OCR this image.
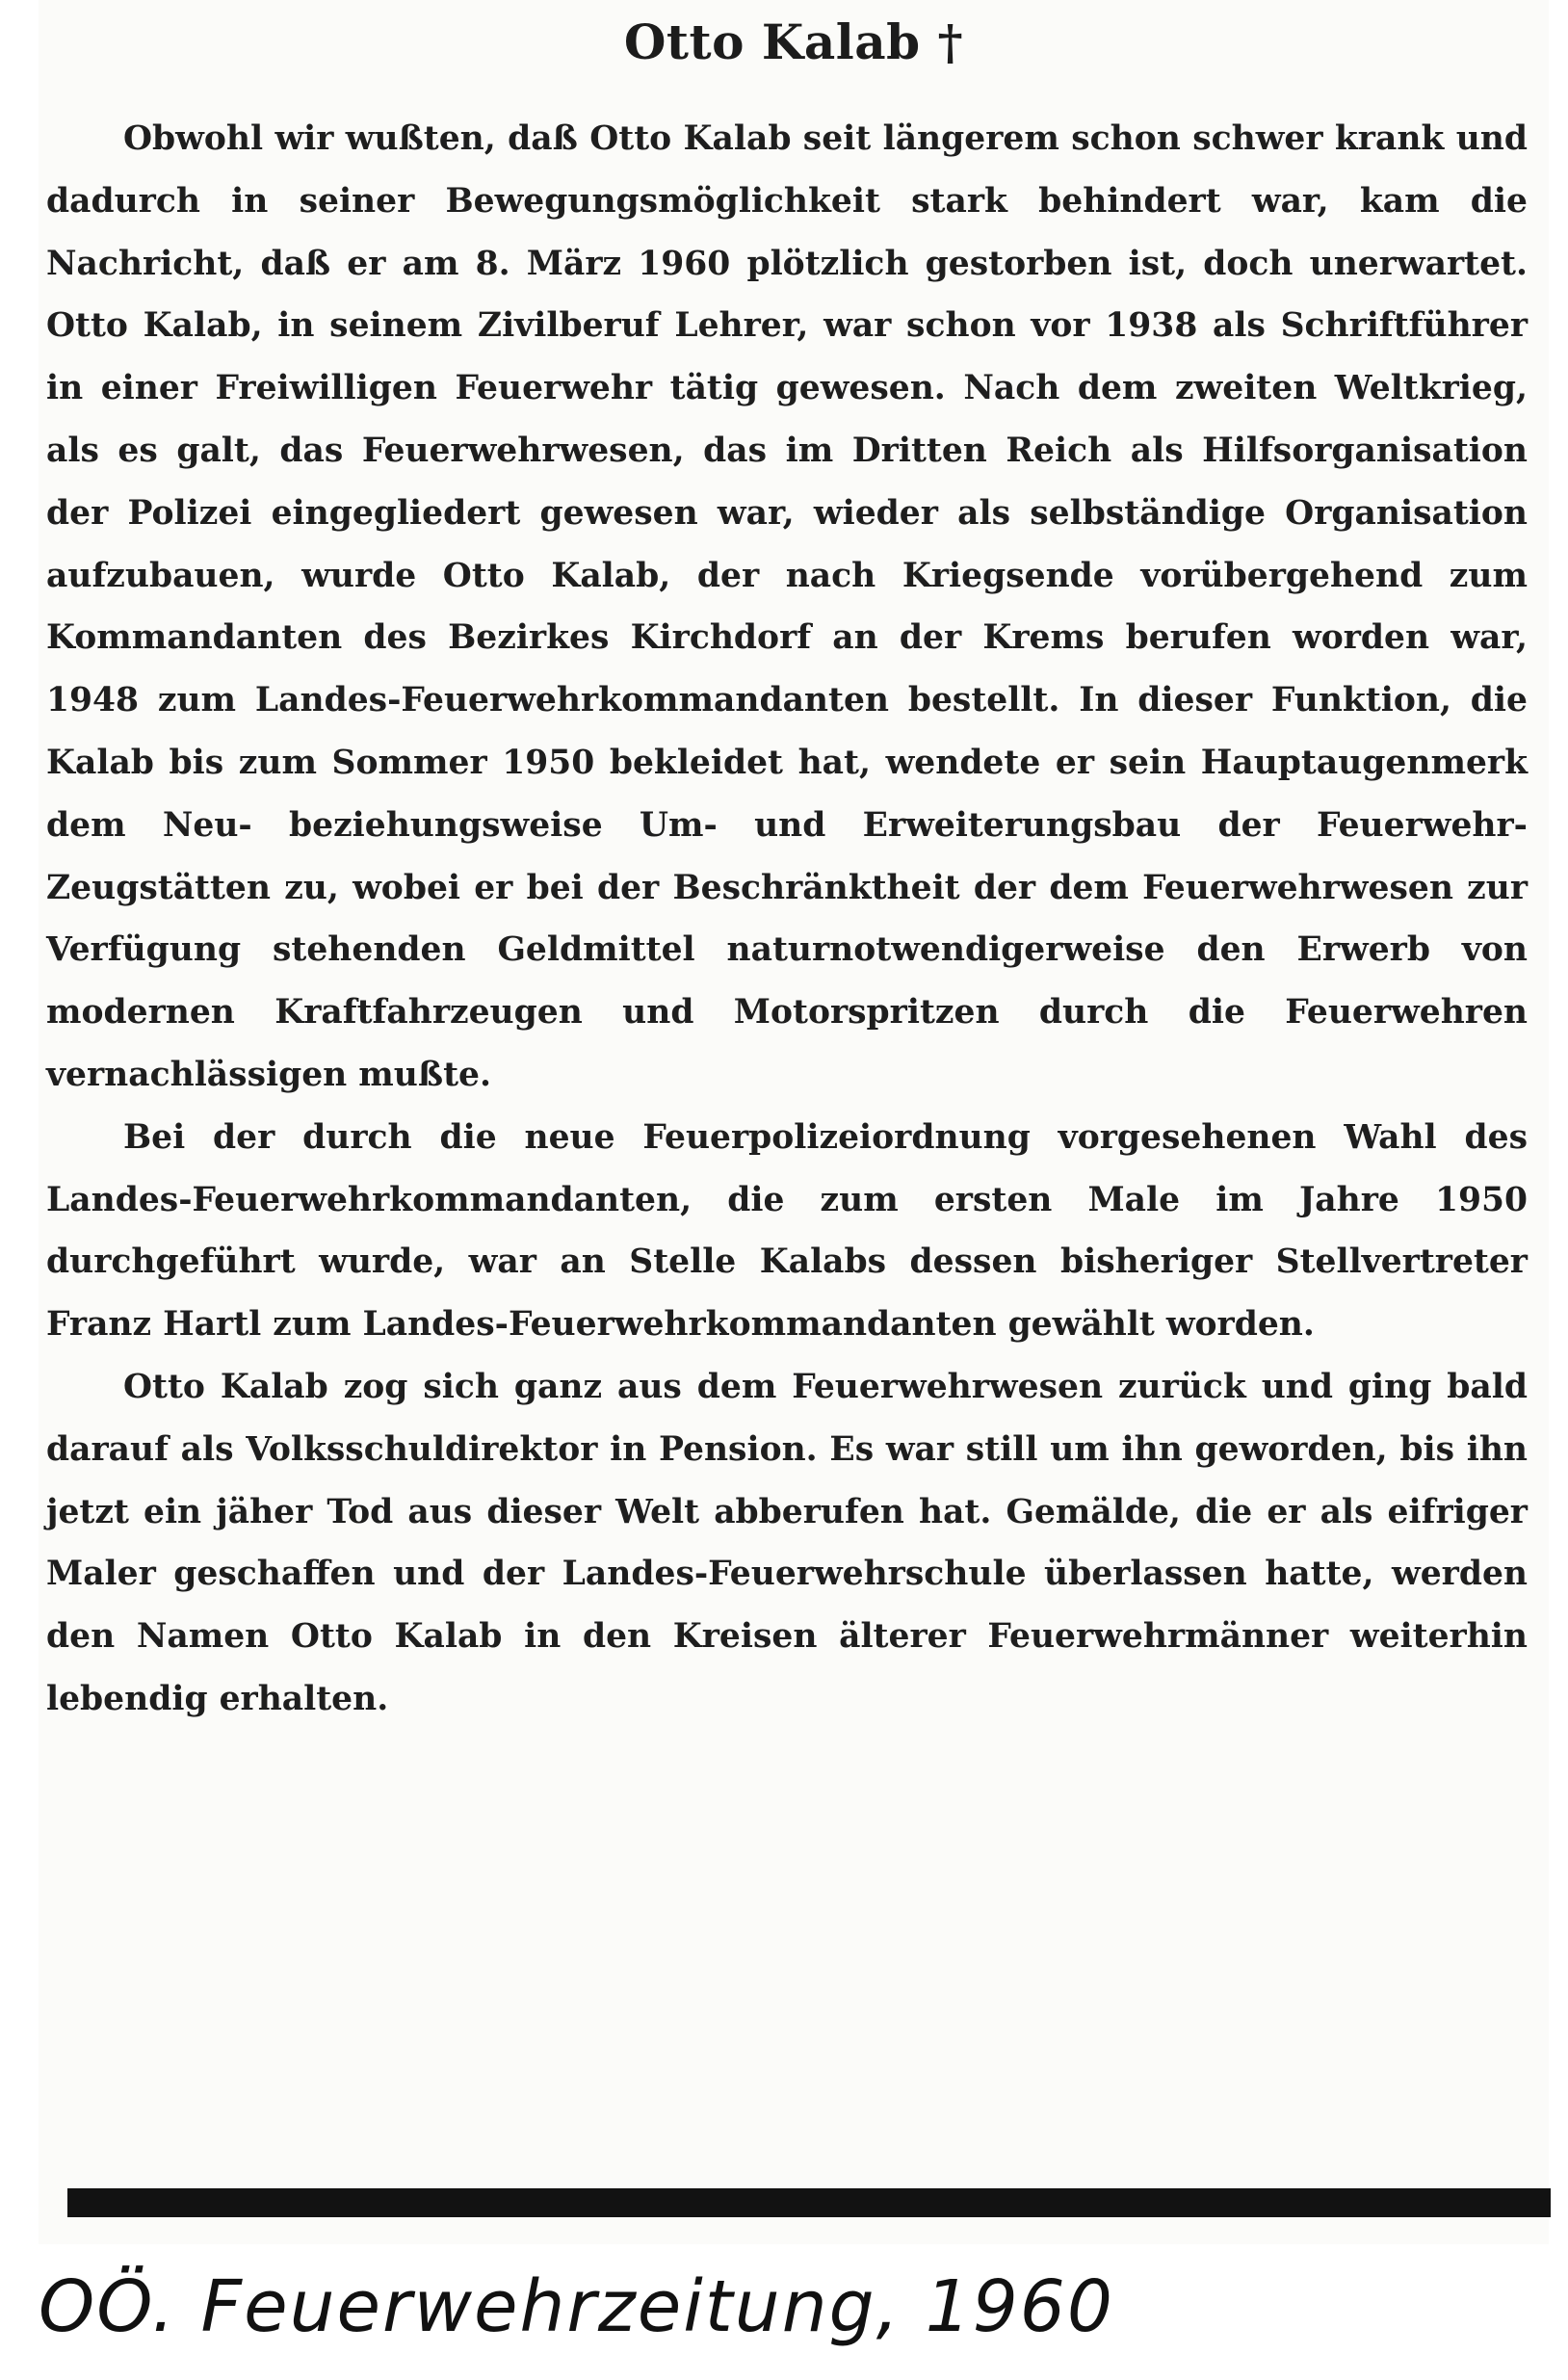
Otto Kalab †

Obwohl wir wußten, daß Otto Kalab seit längerem schon schwer krank und dadurch in seiner Bewegungsmöglichkeit stark behindert war, kam die Nachricht, daß er am 8. März 1960 plötzlich gestorben ist, doch unerwartet. Otto Kalab, in seinem Zivilberuf Lehrer, war schon vor 1938 als Schriftführer in einer Freiwilligen Feuerwehr tätig gewesen. Nach dem zweiten Weltkrieg, als es galt, das Feuerwehrwesen, das im Dritten Reich als Hilfsorganisation der Polizei eingegliedert gewesen war, wieder als selbständige Organisation aufzubauen, wurde Otto Kalab, der nach Kriegsende vorübergehend zum Kommandanten des Bezirkes Kirchdorf an der Krems berufen worden war, 1948 zum Landes-Feuerwehrkommandanten bestellt. In dieser Funktion, die Kalab bis zum Sommer 1950 bekleidet hat, wendete er sein Hauptaugenmerk dem Neu- beziehungsweise Um- und Erweiterungsbau der Feuerwehr-Zeugstätten zu, wobei er bei der Beschränktheit der dem Feuerwehrwesen zur Verfügung stehenden Geldmittel naturnotwendigerweise den Erwerb von modernen Kraftfahrzeugen und Motorspritzen durch die Feuerwehren vernachlässigen mußte.

Bei der durch die neue Feuerpolizeiordnung vorgesehenen Wahl des Landes-Feuerwehrkommandanten, die zum ersten Male im Jahre 1950 durchgeführt wurde, war an Stelle Kalabs dessen bisheriger Stellvertreter Franz Hartl zum Landes-Feuerwehrkommandanten gewählt worden.

Otto Kalab zog sich ganz aus dem Feuerwehrwesen zurück und ging bald darauf als Volksschuldirektor in Pension. Es war still um ihn geworden, bis ihn jetzt ein jäher Tod aus dieser Welt abberufen hat. Gemälde, die er als eifriger Maler geschaffen und der Landes-Feuerwehrschule überlassen hatte, werden den Namen Otto Kalab in den Kreisen älterer Feuerwehrmänner weiterhin lebendig erhalten.

OÖ. Feuerwehrzeitung, 1960
